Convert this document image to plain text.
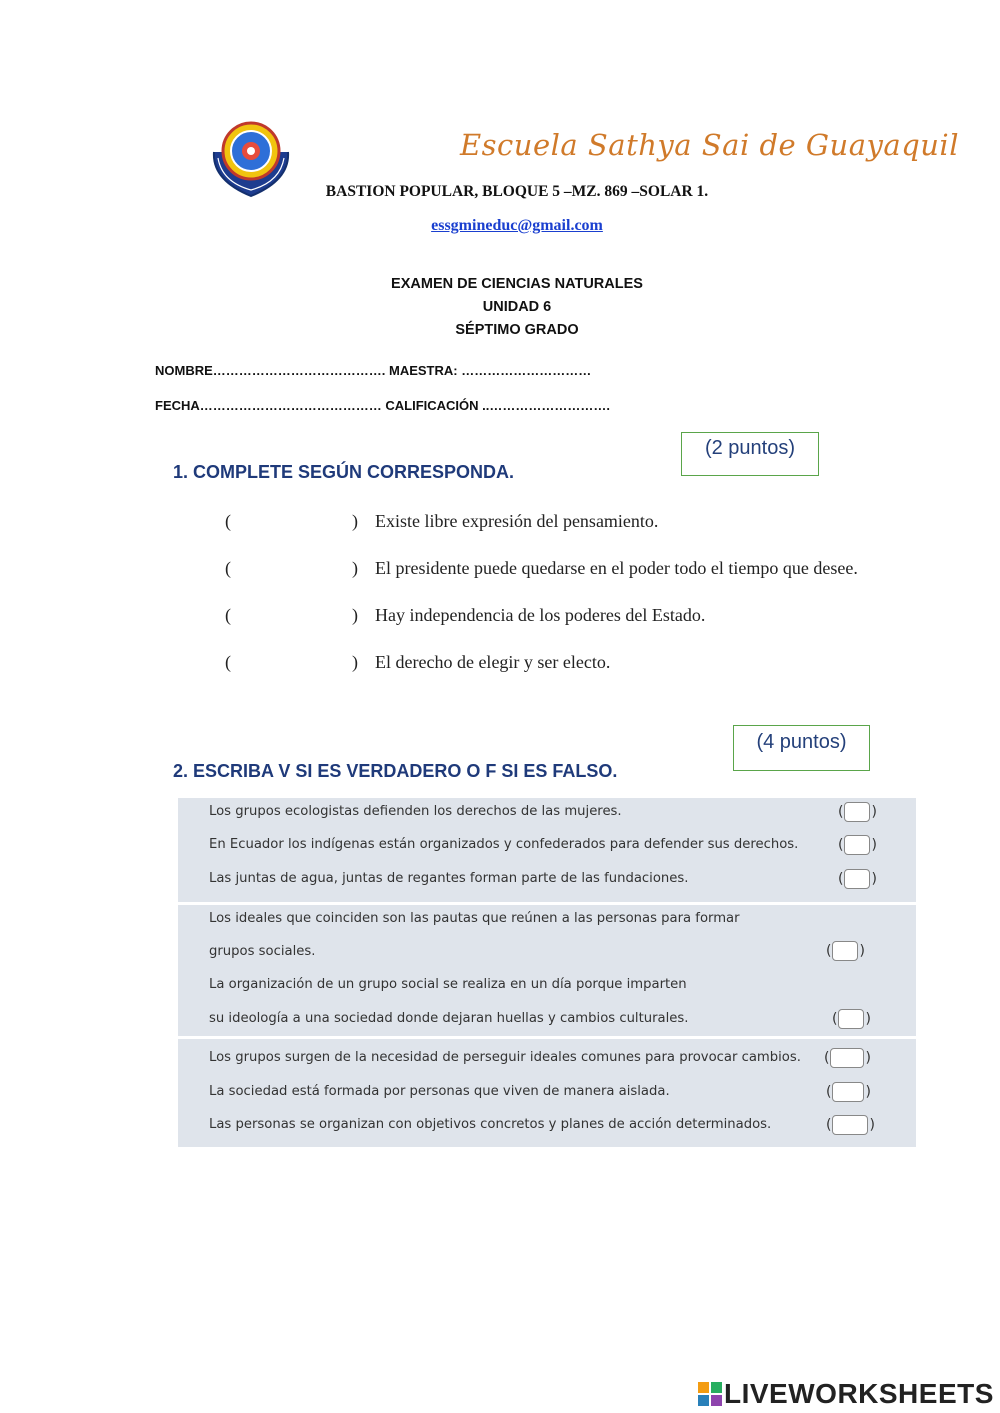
Escuela Sathya Sai de Guayaquil
BASTION POPULAR, BLOQUE 5 –MZ. 869 –SOLAR 1.
essgmineduc@gmail.com
EXAMEN DE CIENCIAS NATURALES
UNIDAD 6
SÉPTIMO GRADO
NOMBRE…………………………………. MAESTRA: …………………………
FECHA…………………………………… CALIFICACIÓN ..……………………….
(2 puntos)
1. COMPLETE SEGÚN CORRESPONDA.
(	) Existe libre expresión del pensamiento.
(	) El presidente puede quedarse en el poder todo el tiempo que desee.
(	) Hay independencia de los poderes del Estado.
(	) El derecho de elegir y ser electo.
(4 puntos)
2. ESCRIBA V SI ES VERDADERO O F SI ES FALSO.
Los grupos ecologistas defienden los derechos de las mujeres.	( )
En Ecuador los indígenas están organizados y confederados para defender sus derechos.	( )
Las juntas de agua, juntas de regantes forman parte de las fundaciones.	( )
Los ideales que coinciden son las pautas que reúnen a las personas para formar
grupos sociales.	( )
La organización de un grupo social se realiza en un día porque imparten
su ideología a una sociedad donde dejaran huellas y cambios culturales.	( )
Los grupos surgen de la necesidad de perseguir ideales comunes para provocar cambios. (	)
La sociedad está formada por personas que viven de manera aislada.	( )
Las personas se organizan con objetivos concretos y planes de acción determinados.	(	)
LIVEWORKSHEETS
